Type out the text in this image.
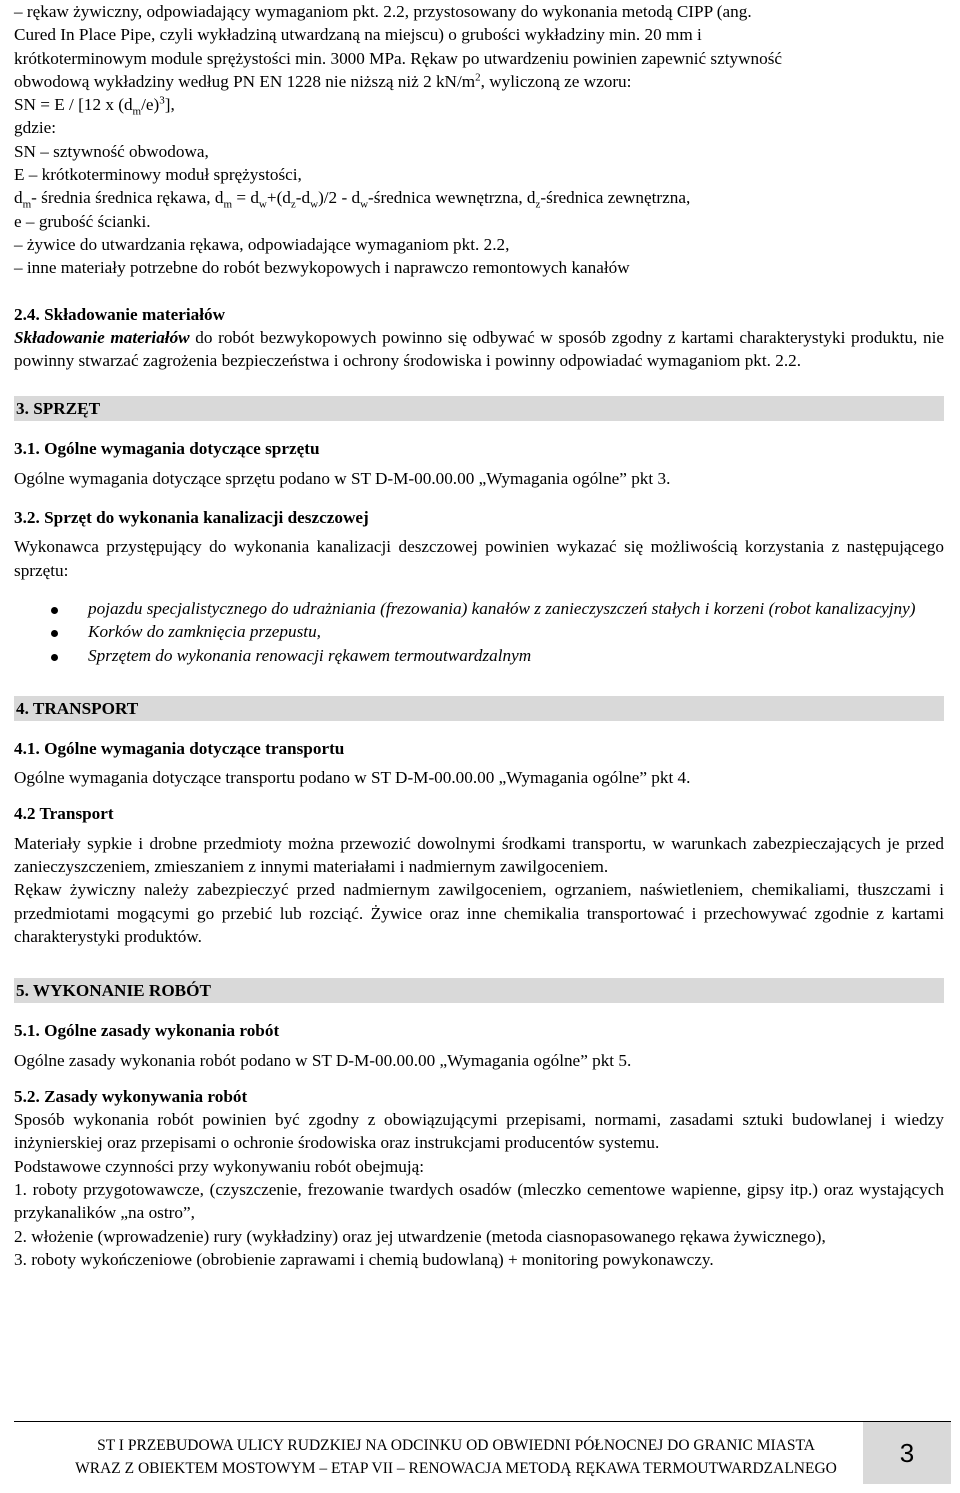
– rękaw żywiczny, odpowiadający wymaganiom pkt. 2.2, przystosowany do wykonania metodą CIPP (ang.

Cured In Place Pipe, czyli wykładziną utwardzaną na miejscu) o grubości wykładziny min. 20 mm i

krótkoterminowym module sprężystości min. 3000 MPa. Rękaw po utwardzeniu powinien zapewnić sztywność

obwodową wykładziny według PN EN 1228 nie niższą niż 2 $kN/m^2$, wyliczoną ze wzoru:

SN = E / [12 x $(d_m/e)^3$],

gdzie:

SN – sztywność obwodowa,

E – krótkoterminowy moduł sprężystości,

$d_m-$ średnia średnica rękawa, $d_m = d_w+(d_z-d_w)/2$ - $d_w$-średnica wewnętrzna, $d_z$-średnica zewnętrzna,

e – grubość ścianki.

– żywice do utwardzania rękawa, odpowiadające wymaganiom pkt. 2.2,

– inne materiały potrzebne do robót bezwykopowych i naprawczo remontowych kanałów

2.4. Składowanie materiałów

Składowanie materiałów do robót bezwykopowych powinno się odbywać w sposób zgodny z kartami charakterystyki produktu, nie powinny stwarzać zagrożenia bezpieczeństwa i ochrony środowiska i powinny odpowiadać wymaganiom pkt. 2.2.

3. SPRZĘT

3.1. Ogólne wymagania dotyczące sprzętu

Ogólne wymagania dotyczące sprzętu podano w ST D-M-00.00.00 „Wymagania ogólne” pkt 3.

3.2. Sprzęt do wykonania kanalizacji deszczowej

Wykonawca przystępujący do wykonania kanalizacji deszczowej powinien wykazać się możliwością korzystania z następującego sprzętu:

pojazdu specjalistycznego do udrażniania (frezowania) kanałów z zanieczyszczeń stałych i korzeni (robot kanalizacyjny)
Korków do zamknięcia przepustu,
Sprzętem do wykonania renowacji rękawem termoutwardzalnym
4. TRANSPORT

4.1. Ogólne wymagania dotyczące transportu

Ogólne wymagania dotyczące transportu podano w ST D-M-00.00.00 „Wymagania ogólne” pkt 4.

4.2 Transport

Materiały sypkie i drobne przedmioty można przewozić dowolnymi środkami transportu, w warunkach zabezpieczających je przed zanieczyszczeniem, zmieszaniem z innymi materiałami i nadmiernym zawilgoceniem.

Rękaw żywiczny należy zabezpieczyć przed nadmiernym zawilgoceniem, ogrzaniem, naświetleniem, chemikaliami, tłuszczami i przedmiotami mogącymi go przebić lub rozciąć. Żywice oraz inne chemikalia transportować i przechowywać zgodnie z kartami charakterystyki produktów.

5. WYKONANIE ROBÓT

5.1. Ogólne zasady wykonania robót

Ogólne zasady wykonania robót podano w ST D-M-00.00.00 „Wymagania ogólne” pkt 5.

5.2. Zasady wykonywania robót

Sposób wykonania robót powinien być zgodny z obowiązującymi przepisami, normami, zasadami sztuki budowlanej i wiedzy inżynierskiej oraz przepisami o ochronie środowiska oraz instrukcjami producentów systemu.

Podstawowe czynności przy wykonywaniu robót obejmują:

1. roboty przygotowawcze, (czyszczenie, frezowanie twardych osadów (mleczko cementowe wapienne, gipsy itp.) oraz wystających przykanalików „na ostro”,

2. włożenie (wprowadzenie) rury (wykładziny) oraz jej utwardzenie (metoda ciasnopasowanego rękawa żywicznego),

3. roboty wykończeniowe (obrobienie zaprawami i chemią budowlaną) + monitoring powykonawczy.

ST I PRZEBUDOWA ULICY RUDZKIEJ NA ODCINKU OD OBWIEDNI PÓŁNOCNEJ DO GRANIC MIASTA
WRAZ Z OBIEKTEM MOSTOWYM – ETAP VII – RENOWACJA METODĄ RĘKAWA TERMOUTWARDZALNEGO
3
